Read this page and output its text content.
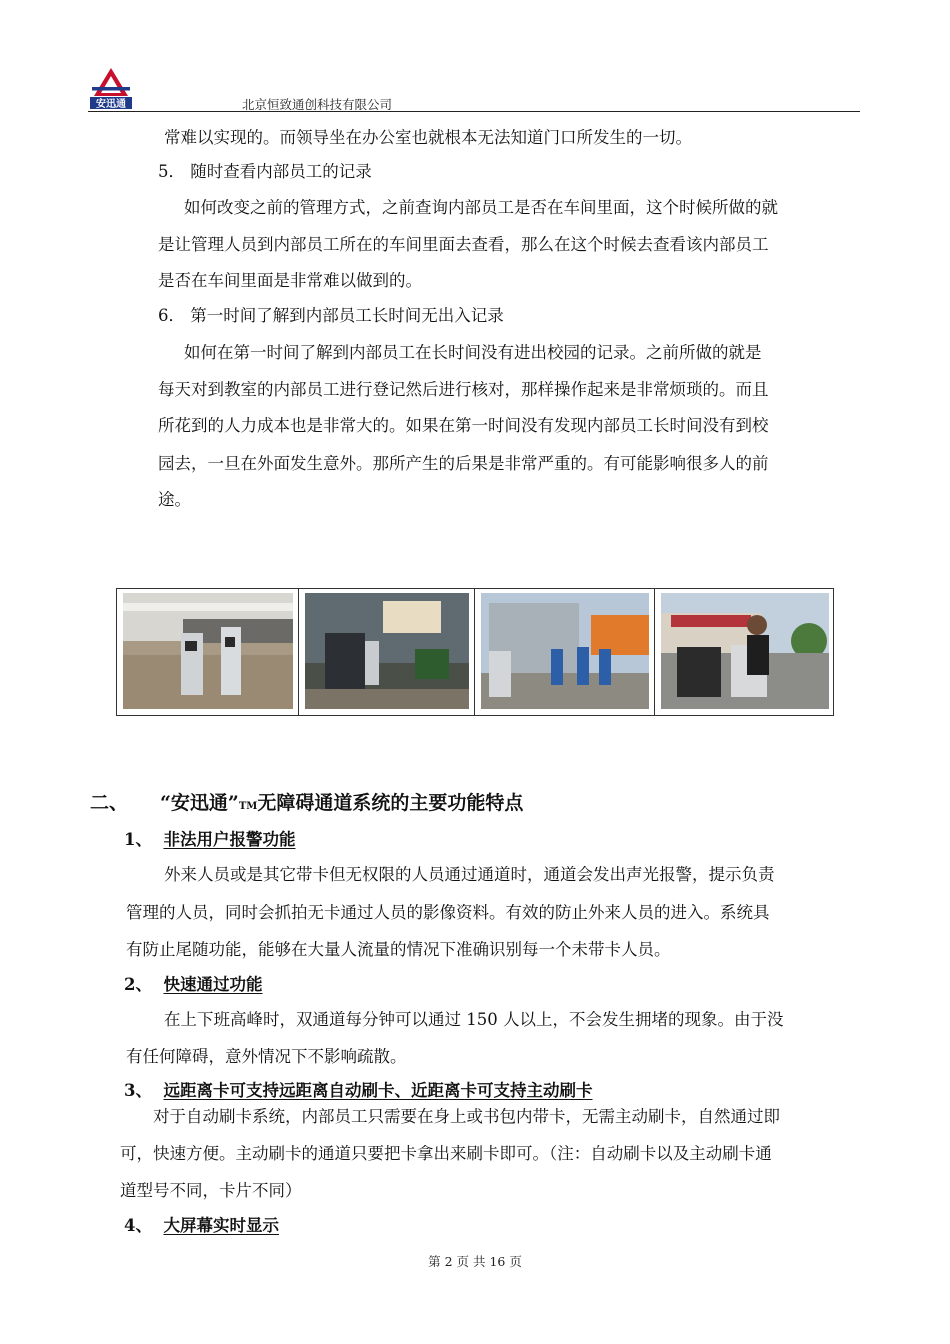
安迅通	北京恒致通创科技有限公司
常难以实现的。而领导坐在办公室也就根本无法知道门口所发生的一切。
5． 随时查看内部员工的记录
如何改变之前的管理方式，之前查询内部员工是否在车间里面，这个时候所做的就
是让管理人员到内部员工所在的车间里面去查看，那么在这个时候去查看该内部员工
是否在车间里面是非常难以做到的。
6． 第一时间了解到内部员工长时间无出入记录
如何在第一时间了解到内部员工在长时间没有进出校园的记录。之前所做的就是
每天对到教室的内部员工进行登记然后进行核对，那样操作起来是非常烦琐的。而且
所花到的人力成本也是非常大的。如果在第一时间没有发现内部员工长时间没有到校
园去，一旦在外面发生意外。那所产生的后果是非常严重的。有可能影响很多人的前
途。
二、 “安迅通”TM无障碍通道系统的主要功能特点
1、 非法用户报警功能
外来人员或是其它带卡但无权限的人员通过通道时，通道会发出声光报警，提示负责
管理的人员，同时会抓拍无卡通过人员的影像资料。有效的防止外来人员的进入。系统具
有防止尾随功能，能够在大量人流量的情况下准确识别每一个未带卡人员。
2、 快速通过功能
在上下班高峰时，双通道每分钟可以通过 150 人以上，不会发生拥堵的现象。由于没
有任何障碍，意外情况下不影响疏散。
3、 远距离卡可支持远距离自动刷卡、近距离卡可支持主动刷卡
对于自动刷卡系统，内部员工只需要在身上或书包内带卡，无需主动刷卡，自然通过即
可，快速方便。主动刷卡的通道只要把卡拿出来刷卡即可。（注：自动刷卡以及主动刷卡通
道型号不同，卡片不同）
4、 大屏幕实时显示
第 2 页 共 16 页
